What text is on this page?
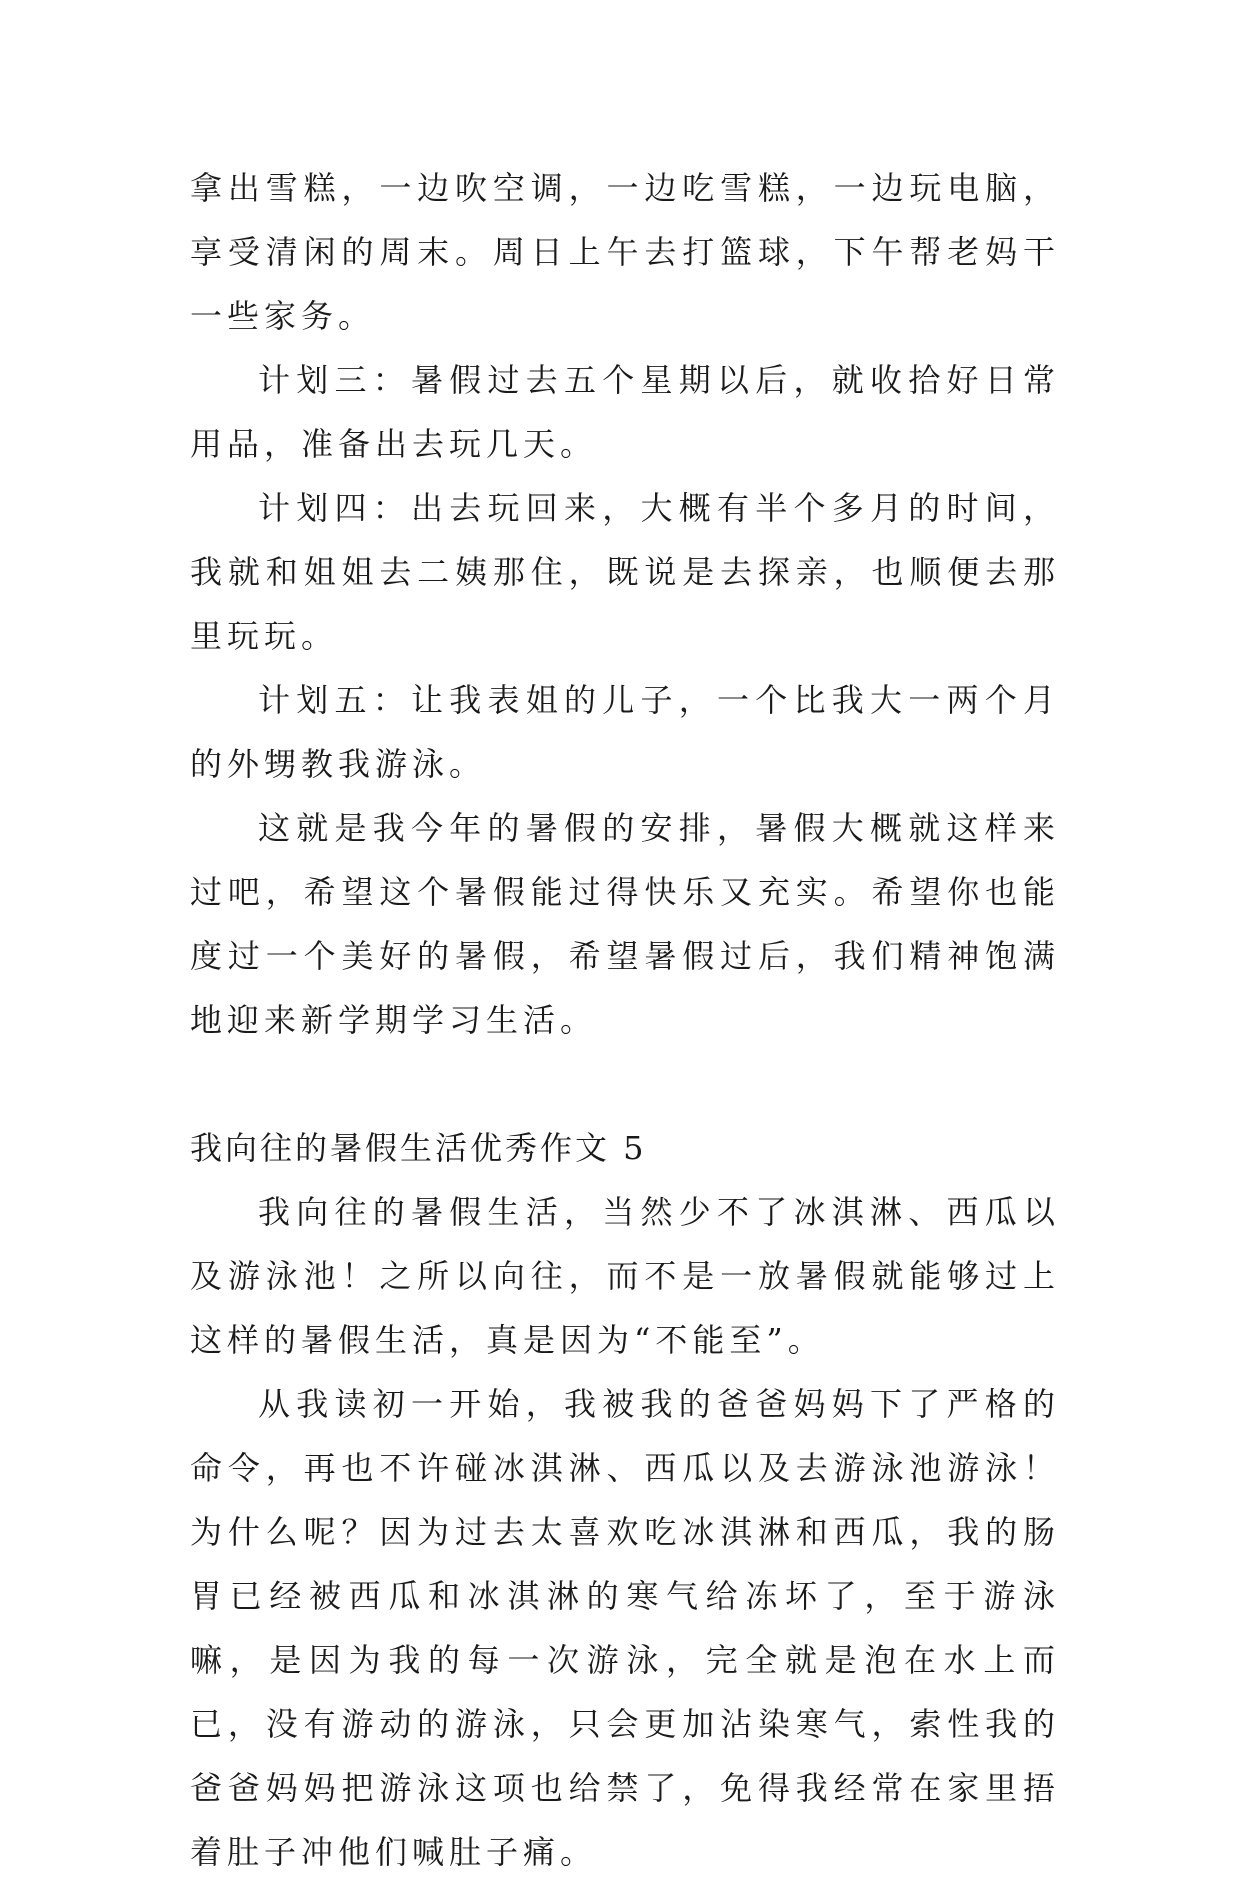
拿出雪糕，一边吹空调，一边吃雪糕，一边玩电脑，享受清闲的周末。周日上午去打篮球，下午帮老妈干一些家务。

计划三：暑假过去五个星期以后，就收拾好日常用品，准备出去玩几天。

计划四：出去玩回来，大概有半个多月的时间，我就和姐姐去二姨那住，既说是去探亲，也顺便去那里玩玩。

计划五：让我表姐的儿子，一个比我大一两个月的外甥教我游泳。

这就是我今年的暑假的安排，暑假大概就这样来过吧，希望这个暑假能过得快乐又充实。希望你也能度过一个美好的暑假，希望暑假过后，我们精神饱满地迎来新学期学习生活。

我向往的暑假生活优秀作文 5

我向往的暑假生活，当然少不了冰淇淋、西瓜以及游泳池！之所以向往，而不是一放暑假就能够过上这样的暑假生活，真是因为“不能至”。

从我读初一开始，我被我的爸爸妈妈下了严格的命令，再也不许碰冰淇淋、西瓜以及去游泳池游泳！为什么呢？因为过去太喜欢吃冰淇淋和西瓜，我的肠胃已经被西瓜和冰淇淋的寒气给冻坏了，至于游泳嘛，是因为我的每一次游泳，完全就是泡在水上而已，没有游动的游泳，只会更加沾染寒气，索性我的爸爸妈妈把游泳这项也给禁了，免得我经常在家里捂着肚子冲他们喊肚子痛。
